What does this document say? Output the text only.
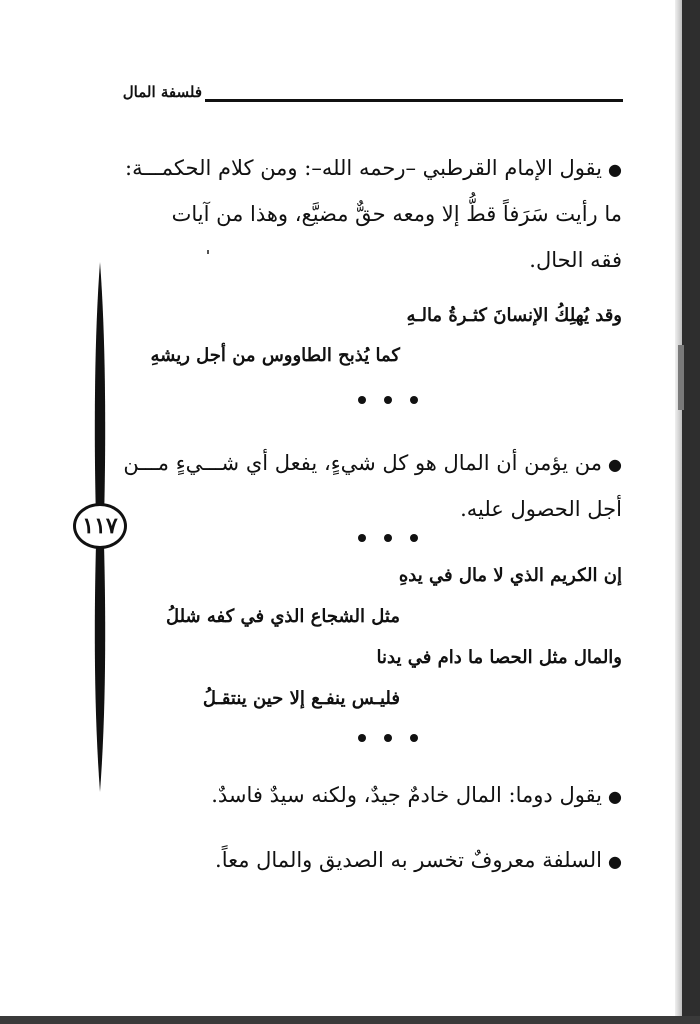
فلسفة المال
١١٧
●يقول الإمام القرطبي –رحمه الله–: ومن كلام الحكمـــة:
ما رأيت سَرَفاً قطُّ إلا ومعه حقٌّ مضيَّع، وهذا من آيات
فقه الحال.
وقد يُهلِكُ الإنسانَ كثـرةُ مالـهِ
كما يُذبح الطاووس من أجل ريشهِ
●من يؤمن أن المال هو كل شيءٍ، يفعل أي شـــيءٍ مـــن
أجل الحصول عليه.
إن الكريم الذي لا مال في يدهِ
مثل الشجاع الذي في كفه شللُ
والمال مثل الحصا ما دام في يدنا
فليـس ينفـع إلا حين ينتقـلُ
●يقول دوما: المال خادمٌ جيدٌ، ولكنه سيدٌ فاسدٌ.
●السلفة معروفٌ تخسر به الصديق والمال معاً.
